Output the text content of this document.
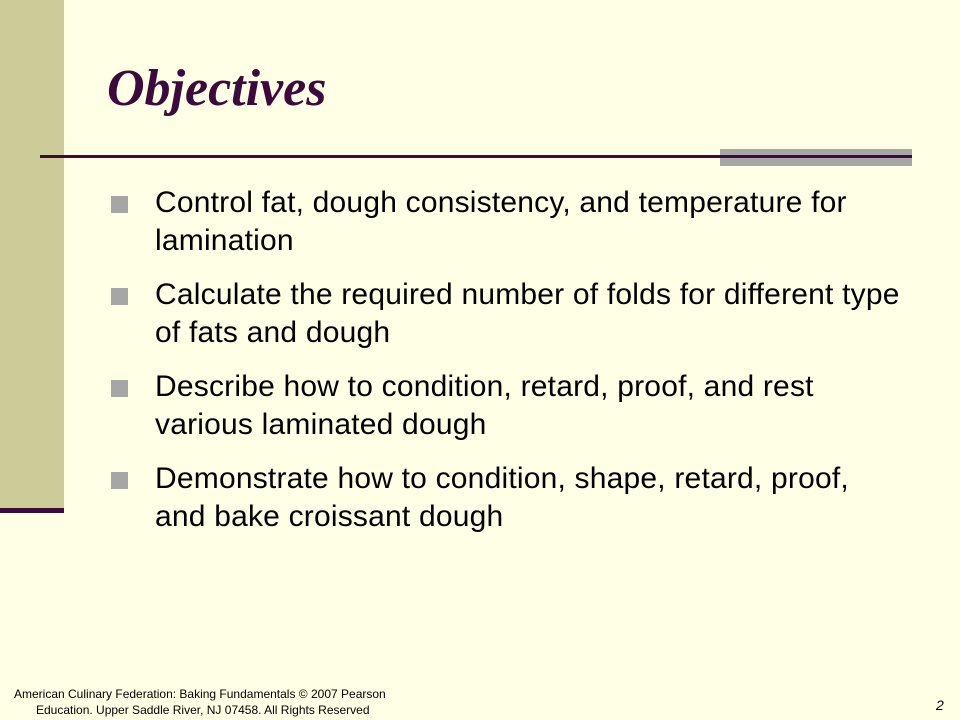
Objectives
Control fat, dough consistency, and temperature for lamination
Calculate the required number of folds for different type of fats and dough
Describe how to condition, retard, proof, and rest various laminated dough
Demonstrate how to condition, shape, retard, proof, and bake croissant dough
American Culinary Federation: Baking Fundamentals © 2007 Pearson
Education. Upper Saddle River, NJ 07458. All Rights Reserved	2
